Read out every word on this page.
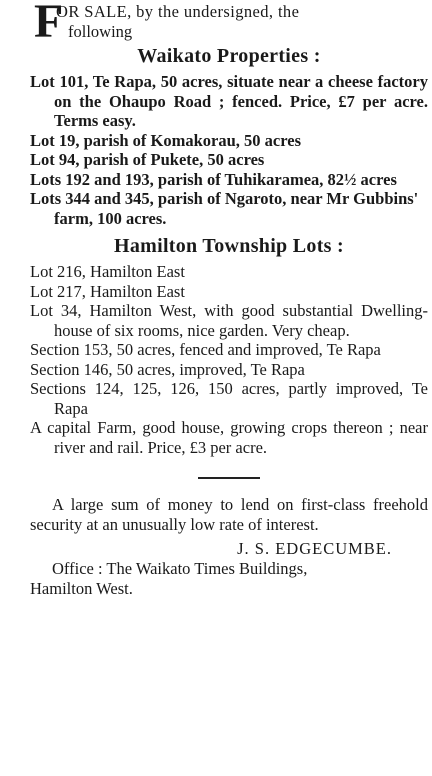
F
OR SALE, by the undersigned, the
following
Waikato Properties :

Lot 101, Te Rapa, 50 acres, situate near a cheese factory on the Ohaupo Road ; fenced. Price, £7 per acre. Terms easy.

Lot 19, parish of Komakorau, 50 acres

Lot 94, parish of Pukete, 50 acres

Lots 192 and 193, parish of Tuhikaramea, 82½ acres

Lots 344 and 345, parish of Ngaroto, near Mr Gubbins' farm, 100 acres.

Hamilton Township Lots :

Lot 216, Hamilton East

Lot 217, Hamilton East

Lot 34, Hamilton West, with good substantial Dwelling-house of six rooms, nice garden. Very cheap.

Section 153, 50 acres, fenced and improved, Te Rapa

Section 146, 50 acres, improved, Te Rapa

Sections 124, 125, 126, 150 acres, partly improved, Te Rapa

A capital Farm, good house, growing crops thereon ; near river and rail. Price, £3 per acre.

A large sum of money to lend on first-class freehold security at an unusually low rate of interest.

J. S. EDGECUMBE.
Office : The Waikato Times Buildings,
Hamilton West.
